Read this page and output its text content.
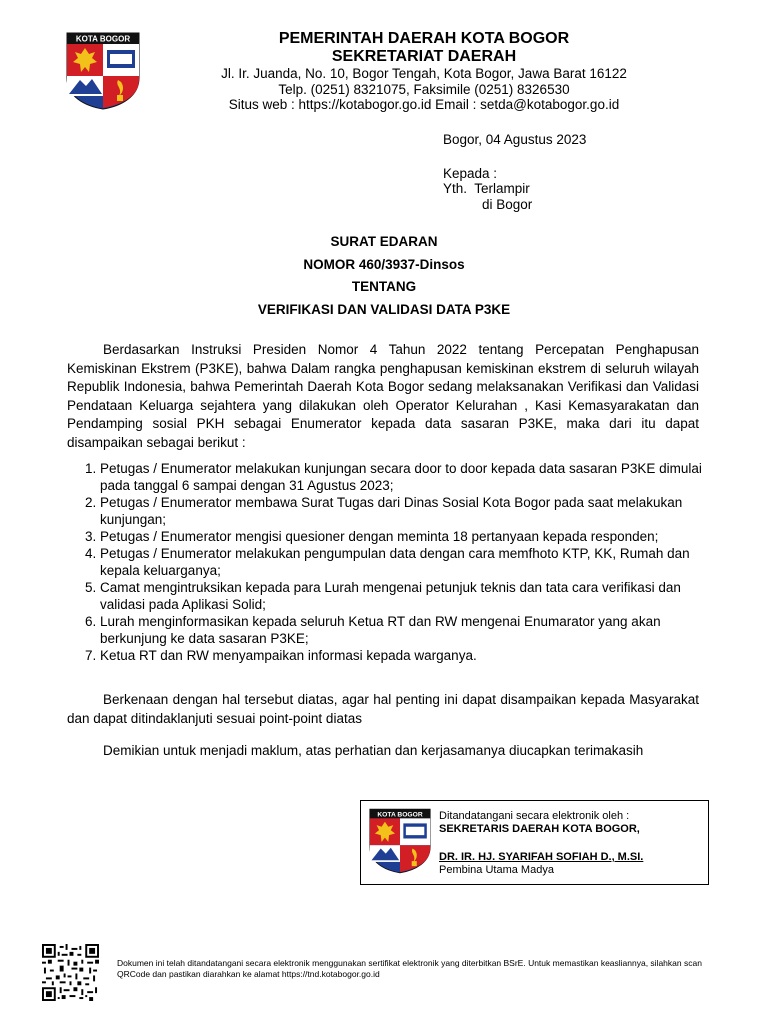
KOTA BOGOR	PEMERINTAH DAERAH KOTA BOGOR
SEKRETARIAT DAERAH
Jl. Ir. Juanda, No. 10, Bogor Tengah, Kota Bogor, Jawa Barat 16122
Telp. (0251) 8321075, Faksimile (0251) 8326530
Situs web : https://kotabogor.go.id Email : setda@kotabogor.go.id
Bogor, 04 Agustus 2023
Kepada :
Yth.  Terlampir
di Bogor
SURAT EDARAN
NOMOR 460/3937-Dinsos
TENTANG
VERIFIKASI DAN VALIDASI DATA P3KE
Berdasarkan Instruksi Presiden Nomor 4 Tahun 2022 tentang Percepatan Penghapusan Kemiskinan Ekstrem (P3KE), bahwa Dalam rangka penghapusan kemiskinan ekstrem di seluruh wilayah Republik Indonesia, bahwa Pemerintah Daerah Kota Bogor sedang melaksanakan Verifikasi dan Validasi Pendataan Keluarga sejahtera yang dilakukan oleh Operator Kelurahan , Kasi Kemasyarakatan dan Pendamping sosial PKH sebagai Enumerator kepada data sasaran P3KE, maka dari itu dapat disampaikan sebagai berikut :
1. Petugas / Enumerator melakukan kunjungan secara door to door kepada data sasaran P3KE dimulai pada tanggal 6 sampai dengan 31 Agustus 2023;
2. Petugas / Enumerator membawa Surat Tugas dari Dinas Sosial Kota Bogor pada saat melakukan kunjungan;
3. Petugas / Enumerator mengisi quesioner dengan meminta 18 pertanyaan kepada responden;
4. Petugas / Enumerator melakukan pengumpulan data dengan cara memfhoto KTP, KK, Rumah dan kepala keluarganya;
5. Camat mengintruksikan kepada para Lurah mengenai petunjuk teknis dan tata cara verifikasi dan validasi pada Aplikasi Solid;
6. Lurah menginformasikan kepada seluruh Ketua RT dan RW mengenai Enumarator yang akan berkunjung ke data sasaran P3KE;
7. Ketua RT dan RW menyampaikan informasi kepada warganya.
Berkenaan dengan hal tersebut diatas, agar hal penting ini dapat disampaikan kepada Masyarakat dan dapat ditindaklanjuti sesuai point-point diatas
Demikian untuk menjadi maklum, atas perhatian dan kerjasamanya diucapkan terimakasih
KOTA BOGOR Ditandatangani secara elektronik oleh :
SEKRETARIS DAERAH KOTA BOGOR,
DR. IR. HJ. SYARIFAH SOFIAH D., M.SI.
Pembina Utama Madya
Dokumen ini telah ditandatangani secara elektronik menggunakan sertifikat elektronik yang diterbitkan BSrE. Untuk memastikan keasliannya, silahkan scan QRCode dan pastikan diarahkan ke alamat https://tnd.kotabogor.go.id
